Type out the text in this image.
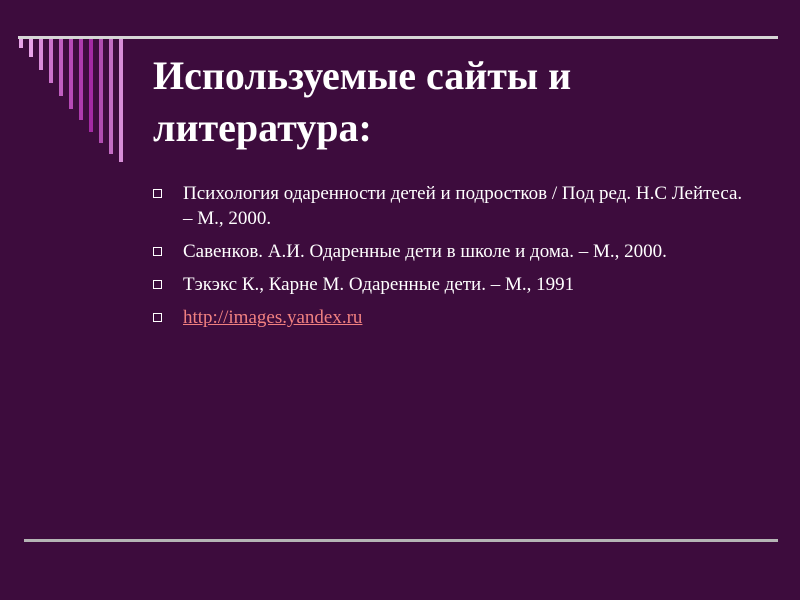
Используемые сайты и литература:
Психология одаренности детей и подростков / Под ред. Н.С Лейтеса. – М., 2000.
Савенков. А.И. Одаренные дети в школе и дома. – М., 2000.
Тэкэкс К., Карне М. Одаренные дети. – М., 1991
http://images.yandex.ru
